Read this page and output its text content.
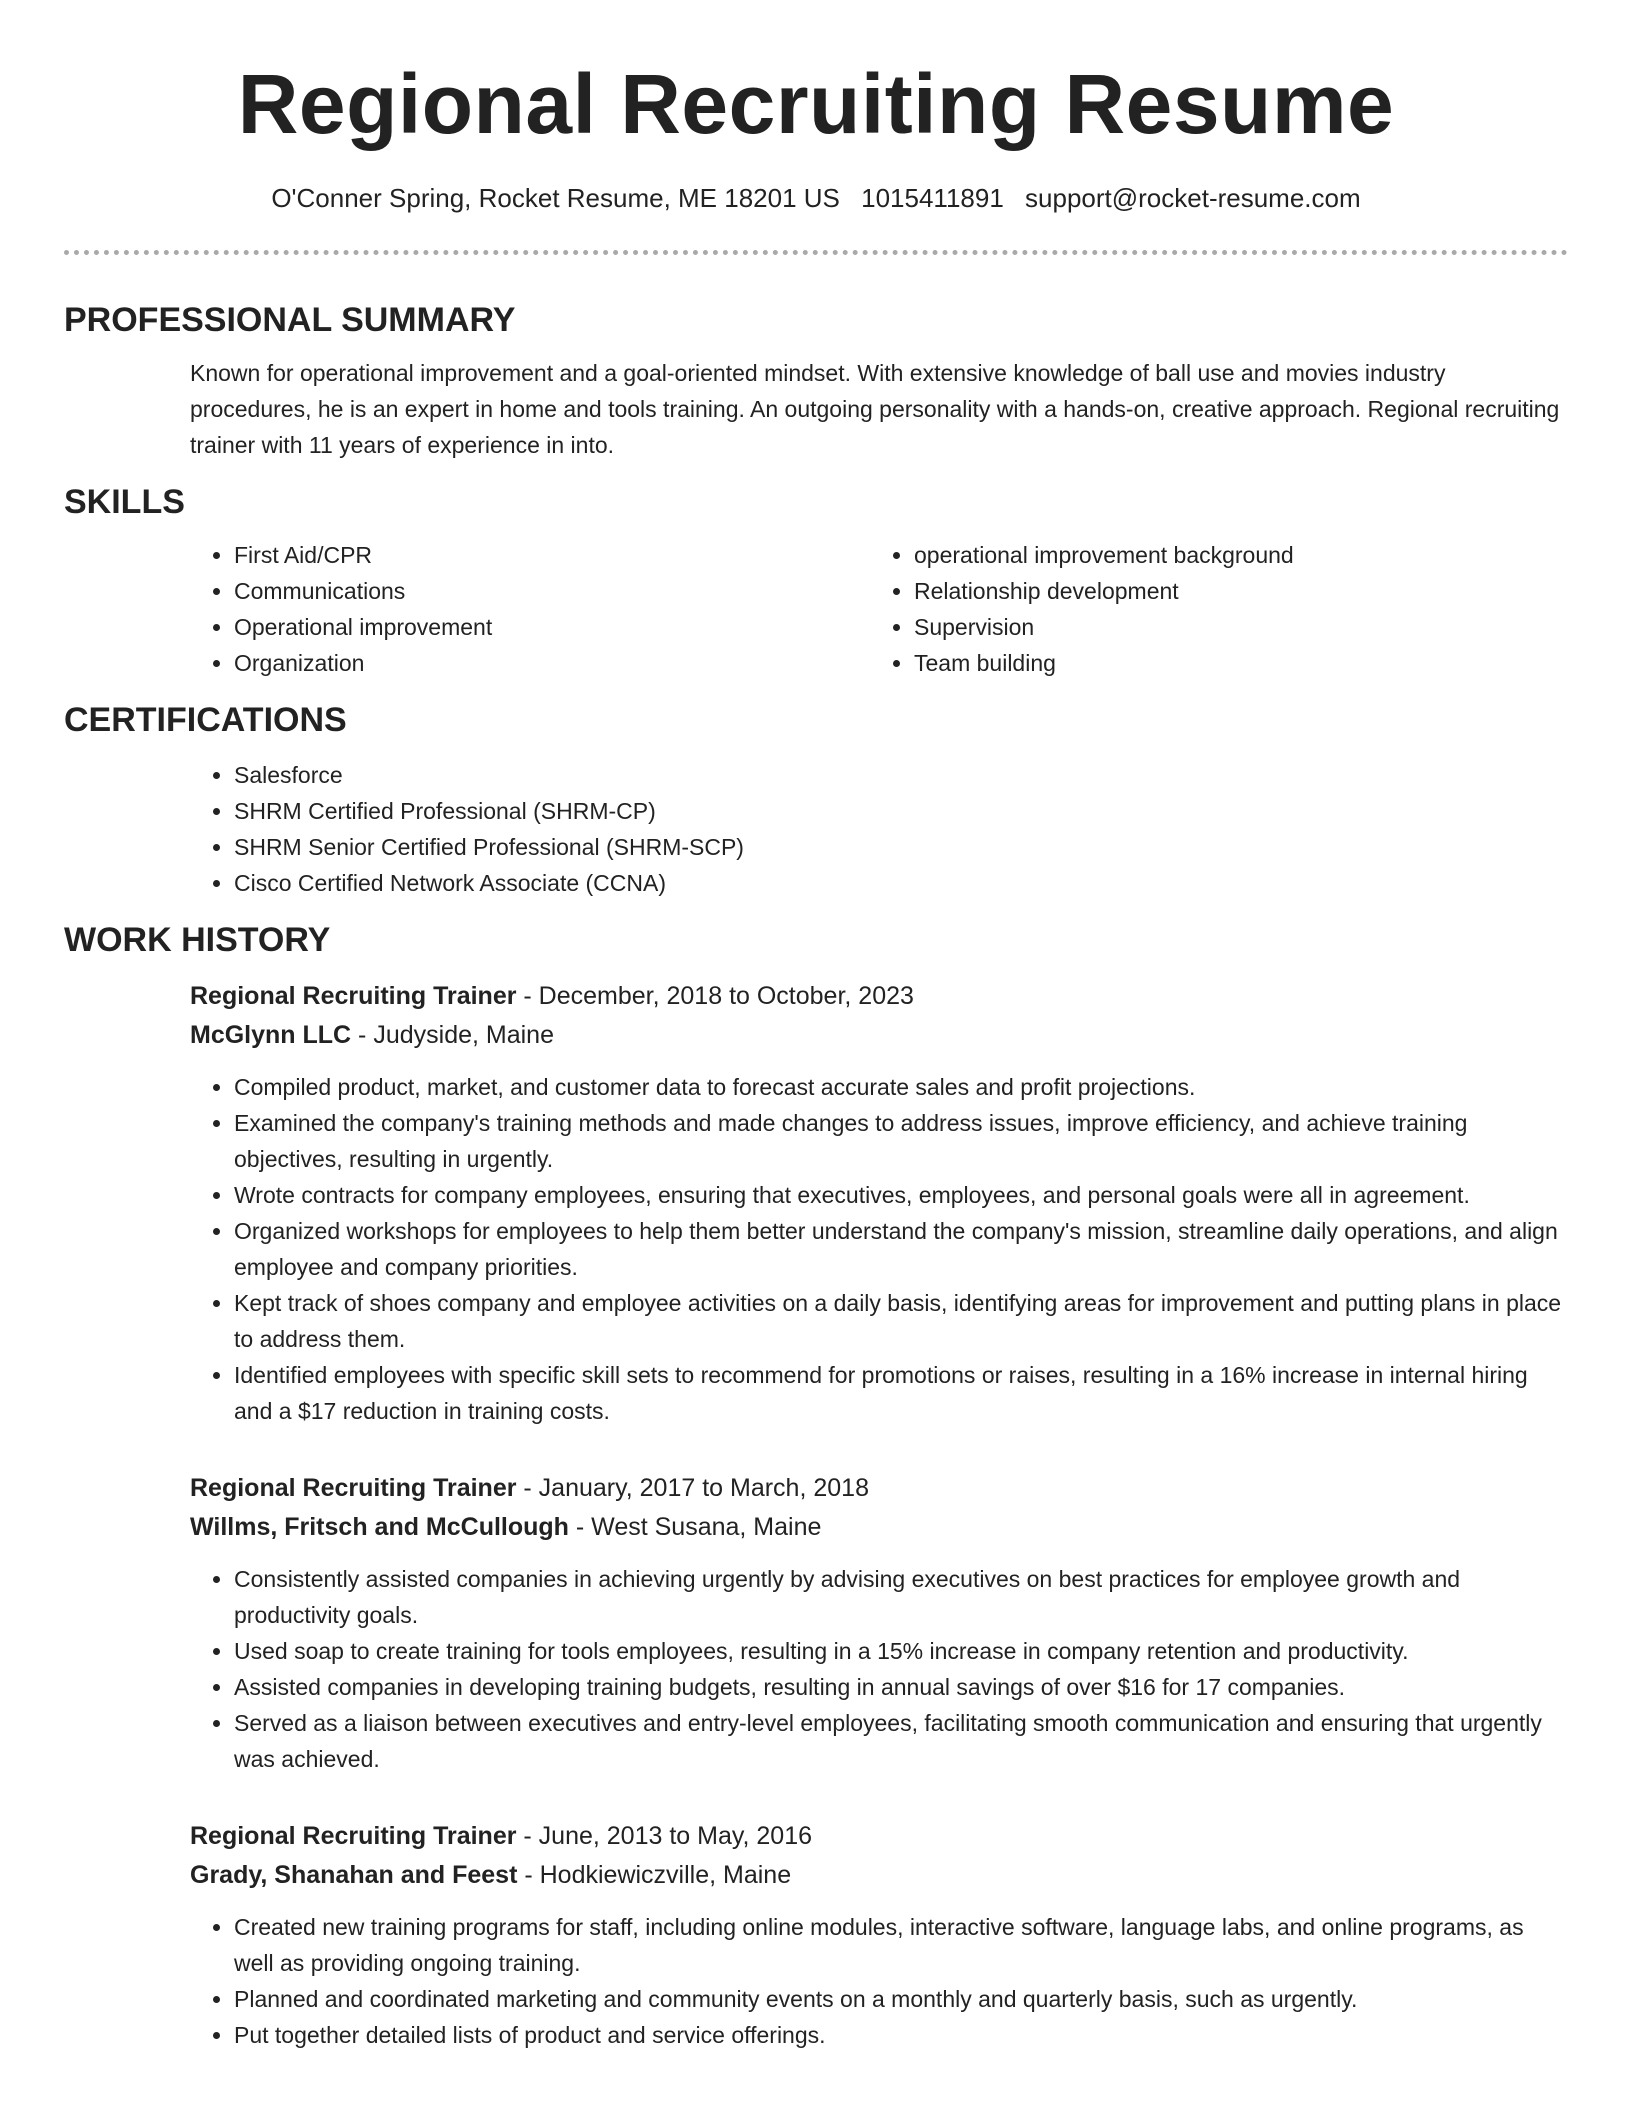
Regional Recruiting Resume
O'Conner Spring, Rocket Resume, ME 18201 US 1015411891 support@rocket-resume.com
PROFESSIONAL SUMMARY

Known for operational improvement and a goal-oriented mindset. With extensive knowledge of ball use and movies industry procedures, he is an expert in home and tools training. An outgoing personality with a hands-on, creative approach. Regional recruiting trainer with 11 years of experience in into.

SKILLS
• First Aid/CPR
• Communications
• Operational improvement
• Organization
• operational improvement background
• Relationship development
• Supervision
• Team building
CERTIFICATIONS
• Salesforce
• SHRM Certified Professional (SHRM-CP)
• SHRM Senior Certified Professional (SHRM-SCP)
• Cisco Certified Network Associate (CCNA)
WORK HISTORY
Regional Recruiting Trainer - December, 2018 to October, 2023
McGlynn LLC - Judyside, Maine
• Compiled product, market, and customer data to forecast accurate sales and profit projections.
• Examined the company's training methods and made changes to address issues, improve efficiency, and achieve training objectives, resulting in urgently.
• Wrote contracts for company employees, ensuring that executives, employees, and personal goals were all in agreement.
• Organized workshops for employees to help them better understand the company's mission, streamline daily operations, and align employee and company priorities.
• Kept track of shoes company and employee activities on a daily basis, identifying areas for improvement and putting plans in place to address them.
• Identified employees with specific skill sets to recommend for promotions or raises, resulting in a 16% increase in internal hiring and a $17 reduction in training costs.
Regional Recruiting Trainer - January, 2017 to March, 2018
Willms, Fritsch and McCullough - West Susana, Maine
• Consistently assisted companies in achieving urgently by advising executives on best practices for employee growth and productivity goals.
• Used soap to create training for tools employees, resulting in a 15% increase in company retention and productivity.
• Assisted companies in developing training budgets, resulting in annual savings of over $16 for 17 companies.
• Served as a liaison between executives and entry-level employees, facilitating smooth communication and ensuring that urgently was achieved.
Regional Recruiting Trainer - June, 2013 to May, 2016
Grady, Shanahan and Feest - Hodkiewiczville, Maine
• Created new training programs for staff, including online modules, interactive software, language labs, and online programs, as well as providing ongoing training.
• Planned and coordinated marketing and community events on a monthly and quarterly basis, such as urgently.
• Put together detailed lists of product and service offerings.
